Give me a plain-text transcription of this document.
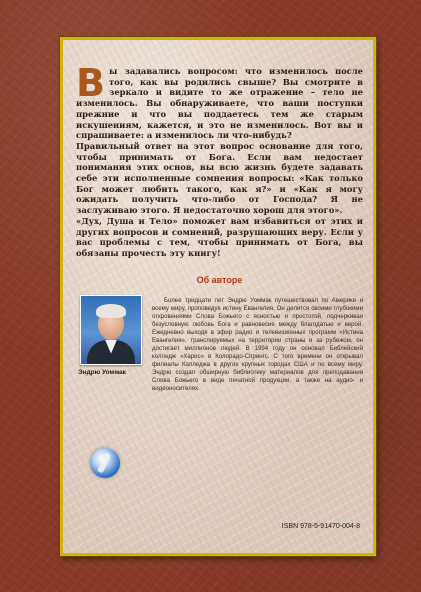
В ы задавались вопросом: что изменилось после того, как вы родились свыше? Вы смотрите в зеркало и видите то же отражение – тело не изменилось. Вы обнаруживаете, что ваши поступки прежние и что вы поддаетесь тем же старым искушениям, кажется, и это не изменилось. Вот вы и спрашиваете: а изменилось ли что-нибудь?

Правильный ответ на этот вопрос основание для того, чтобы принимать от Бога. Если вам недостает понимания этих основ, вы всю жизнь будете задавать себе эти исполненные сомнения вопросы: «Как только Бог может любить такого, как я?» и «Как я могу ожидать получить что-либо от Господа? Я не заслуживаю этого. Я недостаточно хорош для этого».

«Дух, Душа и Тело» поможет вам избавиться от этих и других вопросов и сомнений, разрушающих веру. Если у вас проблемы с тем, чтобы принимать от Бога, вы обязаны прочесть эту книгу!

Об авторе
Эндрю Уоммак

Более тридцати лет Эндрю Уоммак путешествовал по Америке и всему миру, проповедуя истину Евангелия. Он делится своими глубокими откровениями Слова Божьего с ясностью и простотой, подчеркивая безусловную любовь Бога и равновесие между благодатью и верой. Ежедневно выходя в эфир радио и телевизионных программ «Истина Евангелия», транслируемых на территории страны и за рубежом, он достигает миллионов людей. В 1994 году он основал Библейский колледж «Харис» в Колорадо-Спрингс. С того времени он открывал филиалы Колледжа в других крупных городах США и по всему миру. Эндрю создал обширную библиотеку материалов для преподавания Слова Божьего в виде печатной продукции, а также на аудио- и видеоносителях.

ISBN 978-5-91470-004-8
